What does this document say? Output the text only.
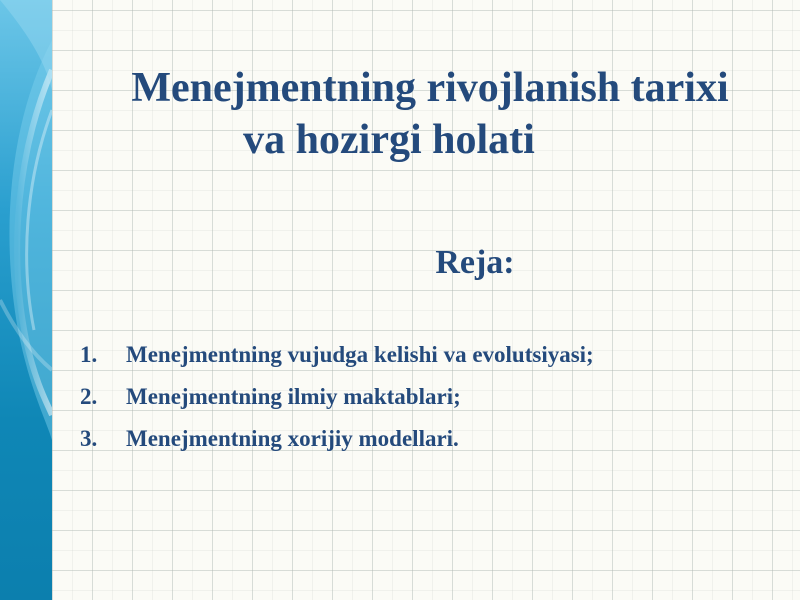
Menejmentning rivojlanish tarixi
va hozirgi holati
Reja:
1.	Menejmentning vujudga kelishi va evolutsiyasi;
2.	Menejmentning ilmiy maktablari;
3.	Menejmentning xorijiy modellari.
